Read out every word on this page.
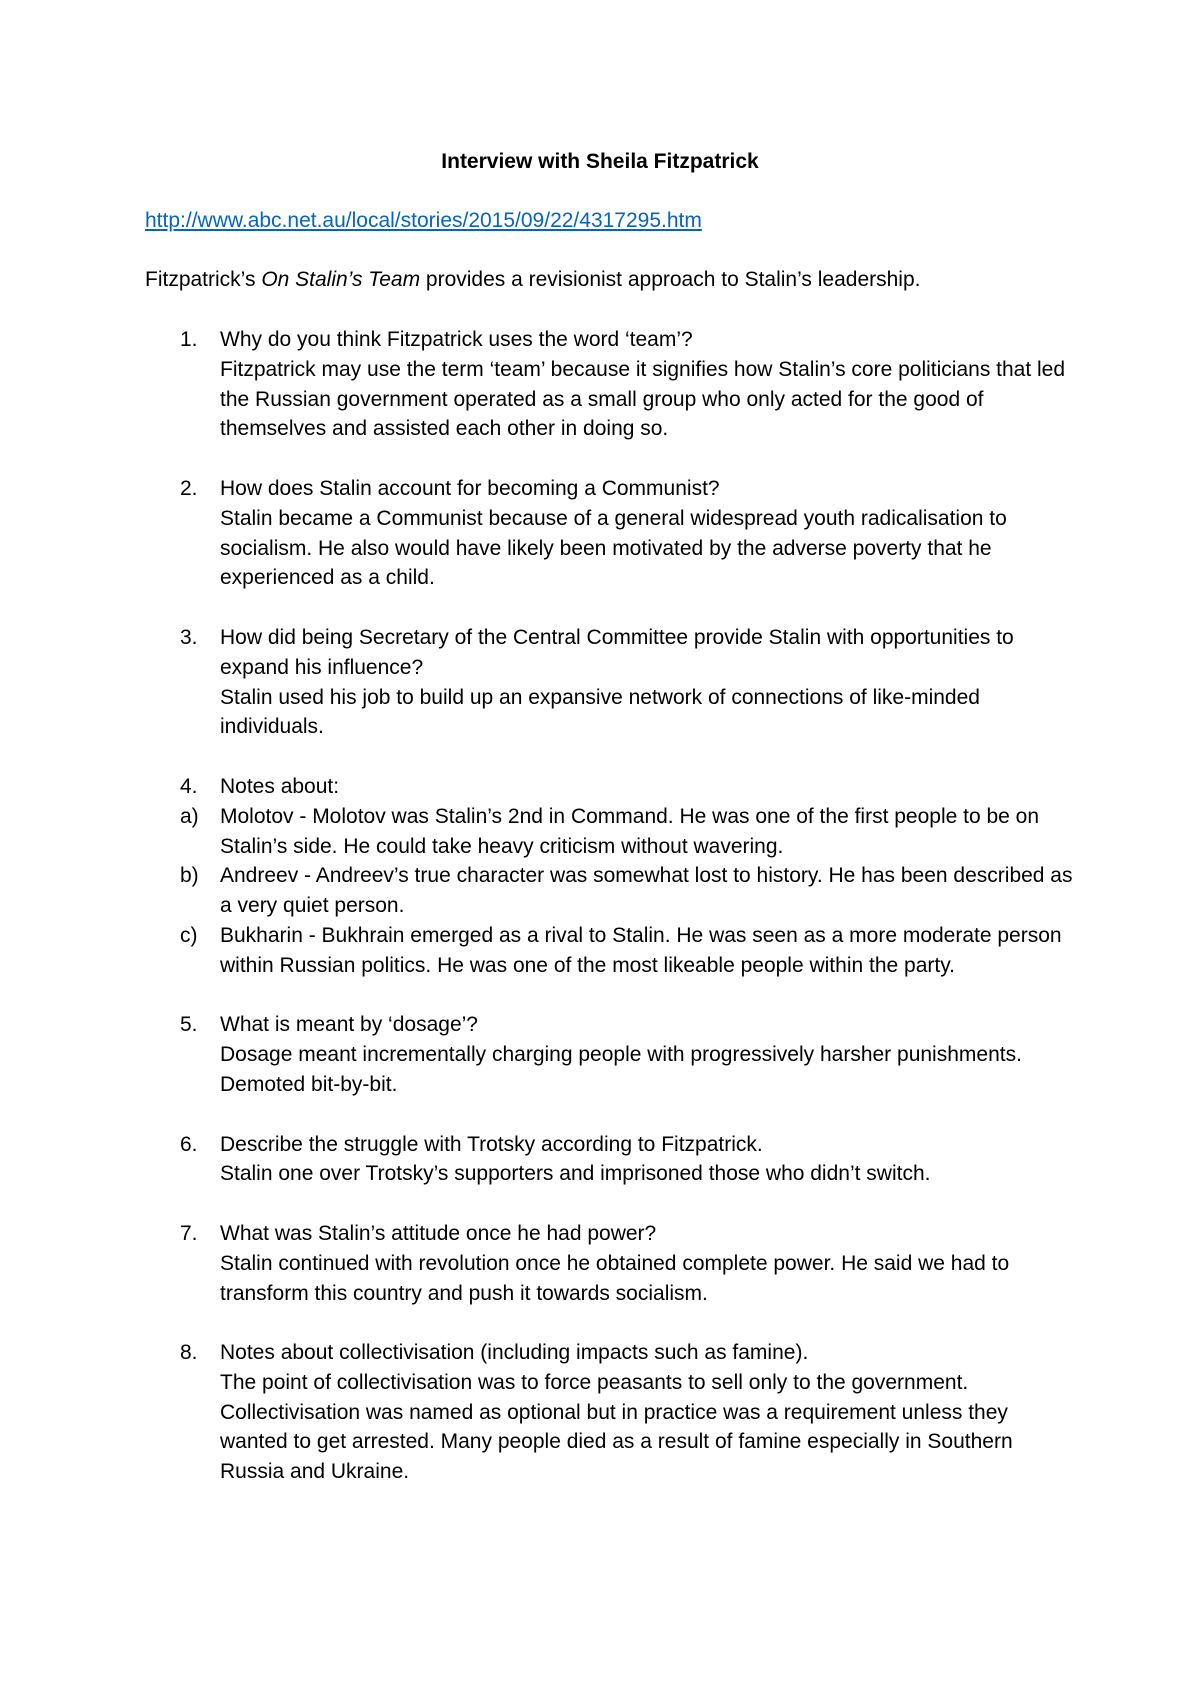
Interview with Sheila Fitzpatrick
http://www.abc.net.au/local/stories/2015/09/22/4317295.htm
Fitzpatrick’s On Stalin’s Team provides a revisionist approach to Stalin’s leadership.
1. Why do you think Fitzpatrick uses the word ‘team’?
Fitzpatrick may use the term ‘team’ because it signifies how Stalin’s core politicians that led the Russian government operated as a small group who only acted for the good of themselves and assisted each other in doing so.
2. How does Stalin account for becoming a Communist?
Stalin became a Communist because of a general widespread youth radicalisation to socialism. He also would have likely been motivated by the adverse poverty that he experienced as a child.
3. How did being Secretary of the Central Committee provide Stalin with opportunities to expand his influence?
Stalin used his job to build up an expansive network of connections of like-minded individuals.
4. Notes about:
a) Molotov - Molotov was Stalin’s 2nd in Command. He was one of the first people to be on Stalin’s side. He could take heavy criticism without wavering.
b) Andreev - Andreev’s true character was somewhat lost to history. He has been described as a very quiet person.
c) Bukharin - Bukhrain emerged as a rival to Stalin. He was seen as a more moderate person within Russian politics. He was one of the most likeable people within the party.
5. What is meant by ‘dosage’?
Dosage meant incrementally charging people with progressively harsher punishments. Demoted bit-by-bit.
6. Describe the struggle with Trotsky according to Fitzpatrick.
Stalin one over Trotsky’s supporters and imprisoned those who didn’t switch.
7. What was Stalin’s attitude once he had power?
Stalin continued with revolution once he obtained complete power. He said we had to transform this country and push it towards socialism.
8. Notes about collectivisation (including impacts such as famine).
The point of collectivisation was to force peasants to sell only to the government. Collectivisation was named as optional but in practice was a requirement unless they wanted to get arrested. Many people died as a result of famine especially in Southern Russia and Ukraine.
